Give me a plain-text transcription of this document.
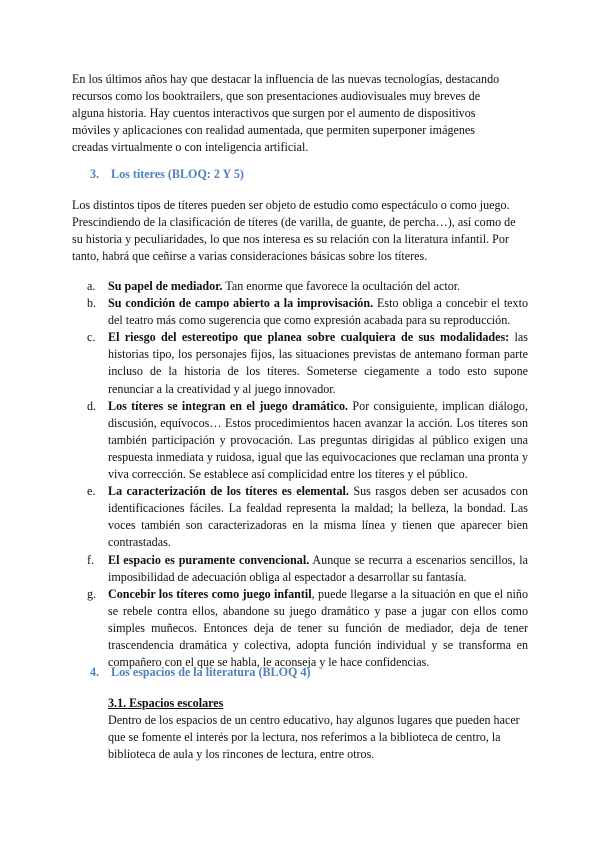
En los últimos años hay que destacar la influencia de las nuevas tecnologías, destacando

recursos como los booktrailers, que son presentaciones audiovisuales muy breves de

alguna historia. Hay cuentos interactivos que surgen por el aumento de dispositivos

móviles y aplicaciones con realidad aumentada, que permiten superponer imágenes

creadas virtualmente o con inteligencia artificial.

3. Los títeres (BLOQ: 2 Y 5)

Los distintos tipos de títeres pueden ser objeto de estudio como espectáculo o como juego.

Prescindiendo de la clasificación de títeres (de varilla, de guante, de percha…), así como de

su historia y peculiaridades, lo que nos interesa es su relación con la literatura infantil. Por

tanto, habrá que ceñirse a varias consideraciones básicas sobre los títeres.

a. Su papel de mediador. Tan enorme que favorece la ocultación del actor.
b. Su condición de campo abierto a la improvisación. Esto obliga a concebir el texto del teatro más como sugerencia que como expresión acabada para su reproducción.
c. El riesgo del estereotipo que planea sobre cualquiera de sus modalidades: las historias tipo, los personajes fijos, las situaciones previstas de antemano forman parte incluso de la historia de los títeres. Someterse ciegamente a todo esto supone renunciar a la creatividad y al juego innovador.
d. Los títeres se integran en el juego dramático. Por consiguiente, implican diálogo, discusión, equívocos… Estos procedimientos hacen avanzar la acción. Los títeres son también participación y provocación. Las preguntas dirigidas al público exigen una respuesta inmediata y ruidosa, igual que las equivocaciones que reclaman una pronta y viva corrección. Se establece así complicidad entre los títeres y el público.
e. La caracterización de los títeres es elemental. Sus rasgos deben ser acusados con identificaciones fáciles. La fealdad representa la maldad; la belleza, la bondad. Las voces también son caracterizadoras en la misma línea y tienen que aparecer bien contrastadas.
f. El espacio es puramente convencional. Aunque se recurra a escenarios sencillos, la imposibilidad de adecuación obliga al espectador a desarrollar su fantasía.
g. Concebir los títeres como juego infantil, puede llegarse a la situación en que el niño se rebele contra ellos, abandone su juego dramático y pase a jugar con ellos como simples muñecos. Entonces deja de tener su función de mediador, deja de tener trascendencia dramática y colectiva, adopta función individual y se transforma en compañero con el que se habla, le aconseja y le hace confidencias.
4. Los espacios de la literatura (BLOQ 4)
3.1. Espacios escolares

Dentro de los espacios de un centro educativo, hay algunos lugares que pueden hacer

que se fomente el interés por la lectura, nos referimos a la biblioteca de centro, la

biblioteca de aula y los rincones de lectura, entre otros.
